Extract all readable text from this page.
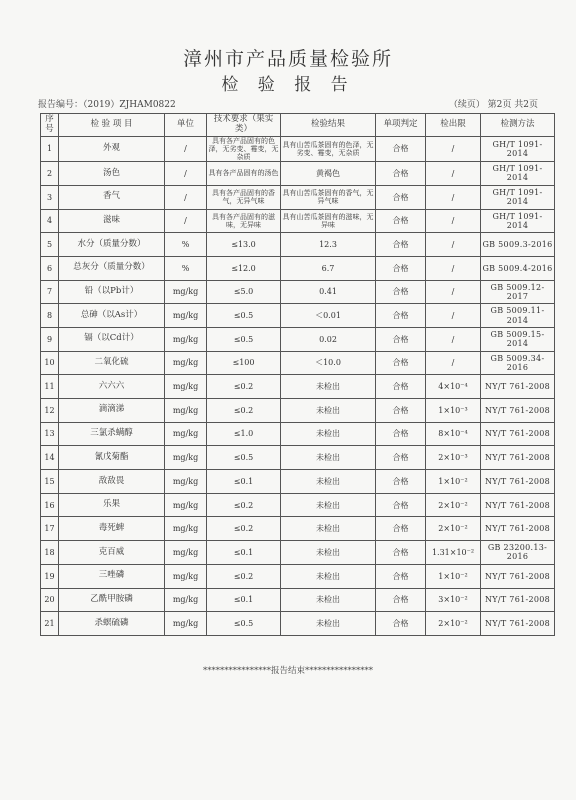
漳州市产品质量检验所
检 验 报 告
报告编号：（2019）ZJHAM0822	（续页） 第2页 共2页
序号	检 验 项 目	单位	技术要求（果实类）	检验结果	单项判定	检出限	检测方法
1	外观	/	具有各产品固有的色泽，无劣变、霉变，无杂质	具有山苦瓜茶固有的色泽，无劣变、霉变，无杂质	合格	/	GH/T 1091-2014
2	汤色	/	具有各产品固有的汤色	黄褐色	合格	/	GH/T 1091-2014
3	香气	/	具有各产品固有的香气，无异气味	具有山苦瓜茶固有的香气，无异气味	合格	/	GH/T 1091-2014
4	滋味	/	具有各产品固有的滋味，无异味	具有山苦瓜茶固有的滋味，无异味	合格	/	GH/T 1091-2014
5	水分（质量分数）	%	≤13.0	12.3	合格	/	GB 5009.3-2016
6	总灰分（质量分数）	%	≤12.0	6.7	合格	/	GB 5009.4-2016
7	铅（以Pb计）	mg/kg	≤5.0	0.41	合格	/	GB 5009.12-2017
8	总砷（以As计）	mg/kg	≤0.5	＜0.01	合格	/	GB 5009.11-2014
9	镉（以Cd计）	mg/kg	≤0.5	0.02	合格	/	GB 5009.15-2014
10	二氧化硫	mg/kg	≤100	＜10.0	合格	/	GB 5009.34-2016
11	六六六	mg/kg	≤0.2	未检出	合格	4×10⁻⁴	NY/T 761-2008
12	滴滴涕	mg/kg	≤0.2	未检出	合格	1×10⁻³	NY/T 761-2008
13	三氯杀螨醇	mg/kg	≤1.0	未检出	合格	8×10⁻⁴	NY/T 761-2008
14	氰戊菊酯	mg/kg	≤0.5	未检出	合格	2×10⁻³	NY/T 761-2008
15	敌敌畏	mg/kg	≤0.1	未检出	合格	1×10⁻²	NY/T 761-2008
16	乐果	mg/kg	≤0.2	未检出	合格	2×10⁻²	NY/T 761-2008
17	毒死蜱	mg/kg	≤0.2	未检出	合格	2×10⁻²	NY/T 761-2008
18	克百威	mg/kg	≤0.1	未检出	合格	1.31×10⁻²	GB 23200.13-2016
19	三唑磷	mg/kg	≤0.2	未检出	合格	1×10⁻²	NY/T 761-2008
20	乙酰甲胺磷	mg/kg	≤0.1	未检出	合格	3×10⁻²	NY/T 761-2008
21	杀螟硫磷	mg/kg	≤0.5	未检出	合格	2×10⁻²	NY/T 761-2008
****************报告结束****************
